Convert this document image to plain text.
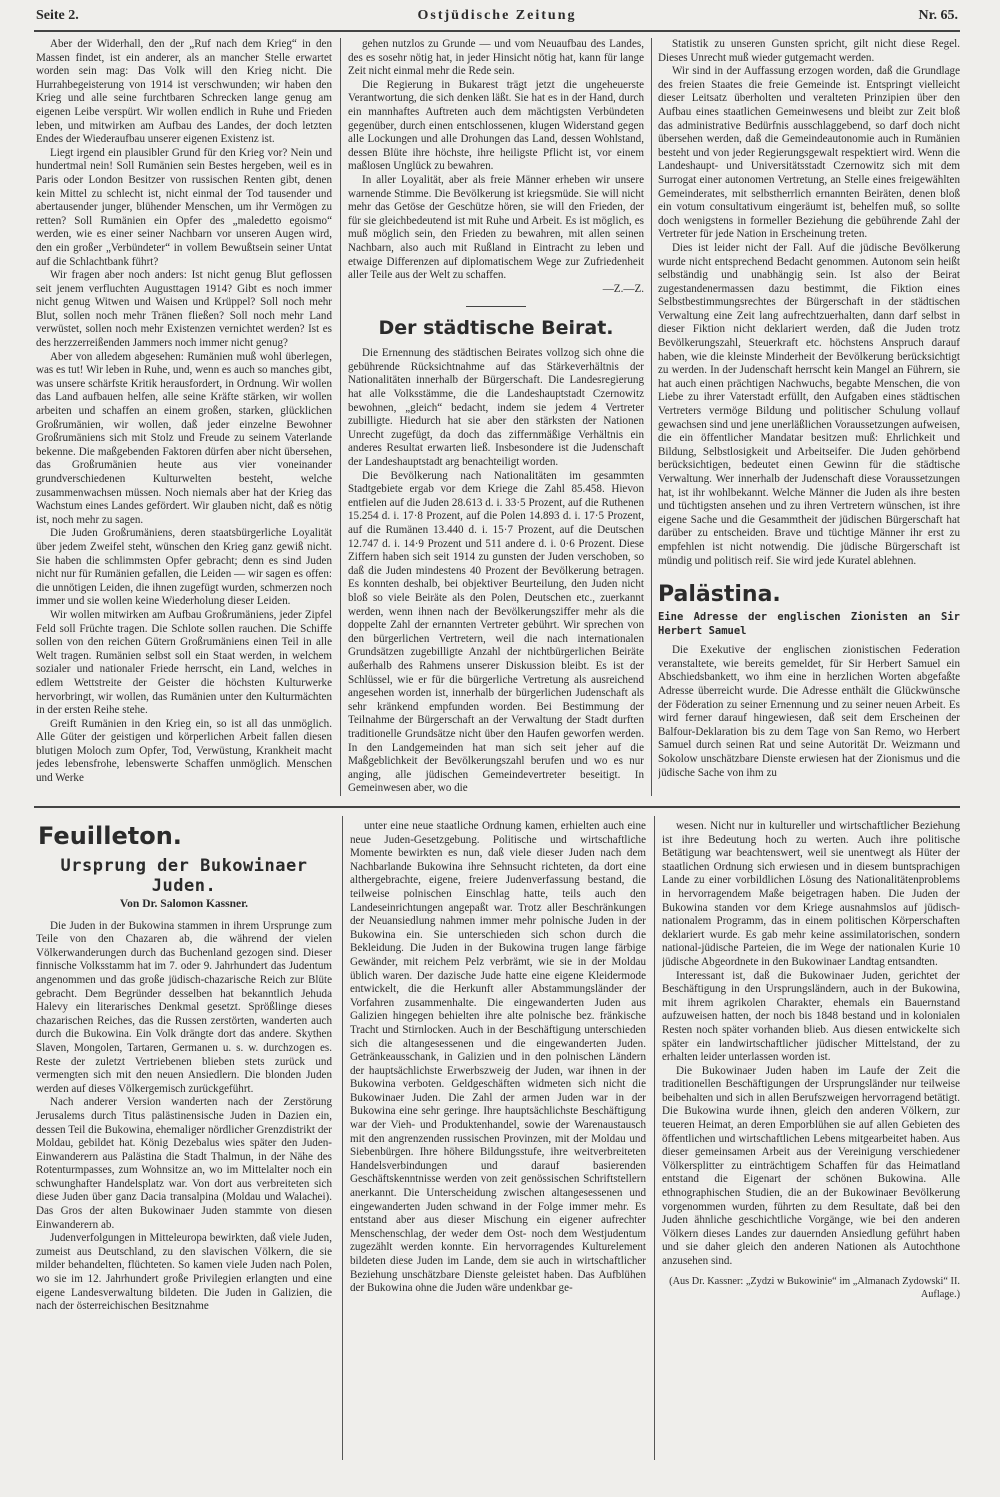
Seite 2.	Ostjüdische Zeitung	Nr. 65.

Aber der Widerhall, den der „Ruf nach dem Krieg“ in den Massen findet, ist ein anderer, als an mancher Stelle erwartet worden sein mag: Das Volk will den Krieg nicht. Die Hurrahbegeisterung von 1914 ist verschwunden; wir haben den Krieg und alle seine furchtbaren Schrecken lange genug am eigenen Leibe verspürt. Wir wollen endlich in Ruhe und Frieden leben, und mitwirken am Aufbau des Landes, der doch letzten Endes der Wiederaufbau unserer eigenen Existenz ist.

Liegt irgend ein plausibler Grund für den Krieg vor? Nein und hundertmal nein! Soll Rumänien sein Bestes hergeben, weil es in Paris oder London Besitzer von russischen Renten gibt, denen kein Mittel zu schlecht ist, nicht einmal der Tod tausender und abertausender junger, blühender Menschen, um ihr Vermögen zu retten? Soll Rumänien ein Opfer des „maledetto egoismo“ werden, wie es einer seiner Nachbarn vor unseren Augen wird, den ein großer „Verbündeter“ in vollem Bewußtsein seiner Untat auf die Schlachtbank führt?

Wir fragen aber noch anders: Ist nicht genug Blut geflossen seit jenem verfluchten Augusttagen 1914? Gibt es noch immer nicht genug Witwen und Waisen und Krüppel? Soll noch mehr Blut, sollen noch mehr Tränen fließen? Soll noch mehr Land verwüstet, sollen noch mehr Existenzen vernichtet werden? Ist es des herzzerreißenden Jammers noch immer nicht genug?

Aber von alledem abgesehen: Rumänien muß wohl überlegen, was es tut! Wir leben in Ruhe, und, wenn es auch so manches gibt, was unsere schärfste Kritik herausfordert, in Ordnung. Wir wollen das Land aufbauen helfen, alle seine Kräfte stärken, wir wollen arbeiten und schaffen an einem großen, starken, glücklichen Großrumänien, wir wollen, daß jeder einzelne Bewohner Großrumäniens sich mit Stolz und Freude zu seinem Vaterlande bekenne. Die maßgebenden Faktoren dürfen aber nicht übersehen, das Großrumänien heute aus vier voneinander grundverschiedenen Kulturwelten besteht, welche zusammenwachsen müssen. Noch niemals aber hat der Krieg das Wachstum eines Landes gefördert. Wir glauben nicht, daß es nötig ist, noch mehr zu sagen.

Die Juden Großrumäniens, deren staatsbürgerliche Loyalität über jedem Zweifel steht, wünschen den Krieg ganz gewiß nicht. Sie haben die schlimmsten Opfer gebracht; denn es sind Juden nicht nur für Rumänien gefallen, die Leiden — wir sagen es offen: die unnötigen Leiden, die ihnen zugefügt wurden, schmerzen noch immer und sie wollen keine Wiederholung dieser Leiden.

Wir wollen mitwirken am Aufbau Großrumäniens, jeder Zipfel Feld soll Früchte tragen. Die Schlote sollen rauchen. Die Schiffe sollen von den reichen Gütern Großrumäniens einen Teil in alle Welt tragen. Rumänien selbst soll ein Staat werden, in welchem sozialer und nationaler Friede herrscht, ein Land, welches in edlem Wettstreite der Geister die höchsten Kulturwerke hervorbringt, wir wollen, das Rumänien unter den Kulturmächten in der ersten Reihe stehe.

Greift Rumänien in den Krieg ein, so ist all das unmöglich. Alle Güter der geistigen und körperlichen Arbeit fallen diesen blutigen Moloch zum Opfer, Tod, Verwüstung, Krankheit macht jedes lebensfrohe, lebenswerte Schaffen unmöglich. Menschen und Werke

gehen nutzlos zu Grunde — und vom Neuaufbau des Landes, des es sosehr nötig hat, in jeder Hinsicht nötig hat, kann für lange Zeit nicht einmal mehr die Rede sein.

Die Regierung in Bukarest trägt jetzt die ungeheuerste Verantwortung, die sich denken läßt. Sie hat es in der Hand, durch ein mannhaftes Auftreten auch dem mächtigsten Verbündeten gegenüber, durch einen entschlossenen, klugen Widerstand gegen alle Lockungen und alle Drohungen das Land, dessen Wohlstand, dessen Blüte ihre höchste, ihre heiligste Pflicht ist, vor einem maßlosen Unglück zu bewahren.

In aller Loyalität, aber als freie Männer erheben wir unsere warnende Stimme. Die Bevölkerung ist kriegsmüde. Sie will nicht mehr das Getöse der Geschütze hören, sie will den Frieden, der für sie gleichbedeutend ist mit Ruhe und Arbeit. Es ist möglich, es muß möglich sein, den Frieden zu bewahren, mit allen seinen Nachbarn, also auch mit Rußland in Eintracht zu leben und etwaige Differenzen auf diplomatischem Wege zur Zufriedenheit aller Teile aus der Welt zu schaffen.

—Z.—Z.

Der städtische Beirat.

Die Ernennung des städtischen Beirates vollzog sich ohne die gebührende Rücksichtnahme auf das Stärkeverhältnis der Nationalitäten innerhalb der Bürgerschaft. Die Landesregierung hat alle Volksstämme, die die Landeshauptstadt Czernowitz bewohnen, „gleich“ bedacht, indem sie jedem 4 Vertreter zubilligte. Hiedurch hat sie aber den stärksten der Nationen Unrecht zugefügt, da doch das ziffernmäßige Verhältnis ein anderes Resultat erwarten ließ. Insbesondere ist die Judenschaft der Landeshauptstadt arg benachteiligt worden.

Die Bevölkerung nach Nationalitäten im gesammten Stadtgebiete ergab vor dem Kriege die Zahl 85.458. Hievon entfielen auf die Juden 28.613 d. i. 33·5 Prozent, auf die Ruthenen 15.254 d. i. 17·8 Prozent, auf die Polen 14.893 d. i. 17·5 Prozent, auf die Rumänen 13.440 d. i. 15·7 Prozent, auf die Deutschen 12.747 d. i. 14·9 Prozent und 511 andere d. i. 0·6 Prozent. Diese Ziffern haben sich seit 1914 zu gunsten der Juden verschoben, so daß die Juden mindestens 40 Prozent der Bevölkerung betragen. Es konnten deshalb, bei objektiver Beurteilung, den Juden nicht bloß so viele Beiräte als den Polen, Deutschen etc., zuerkannt werden, wenn ihnen nach der Bevölkerungsziffer mehr als die doppelte Zahl der ernannten Vertreter gebührt. Wir sprechen von den bürgerlichen Vertretern, weil die nach internationalen Grundsätzen zugebilligte Anzahl der nichtbürgerlichen Beiräte außerhalb des Rahmens unserer Diskussion bleibt. Es ist der Schlüssel, wie er für die bürgerliche Vertretung als ausreichend angesehen worden ist, innerhalb der bürgerlichen Judenschaft als sehr kränkend empfunden worden. Bei Bestimmung der Teilnahme der Bürgerschaft an der Verwaltung der Stadt durften traditionelle Grundsätze nicht über den Haufen geworfen werden. In den Landgemeinden hat man sich seit jeher auf die Maßgeblichkeit der Bevölkerungszahl berufen und wo es nur anging, alle jüdischen Gemeindevertreter beseitigt. In Gemeinwesen aber, wo die

Statistik zu unseren Gunsten spricht, gilt nicht diese Regel. Dieses Unrecht muß wieder gutgemacht werden.

Wir sind in der Auffassung erzogen worden, daß die Grundlage des freien Staates die freie Gemeinde ist. Entspringt vielleicht dieser Leitsatz überholten und veralteten Prinzipien über den Aufbau eines staatlichen Gemeinwesens und bleibt zur Zeit bloß das administrative Bedürfnis ausschlaggebend, so darf doch nicht übersehen werden, daß die Gemeindeautonomie auch in Rumänien besteht und von jeder Regierungsgewalt respektiert wird. Wenn die Landeshaupt- und Universitätsstadt Czernowitz sich mit dem Surrogat einer autonomen Vertretung, an Stelle eines freigewählten Gemeinderates, mit selbstherrlich ernannten Beiräten, denen bloß ein votum consultativum eingeräumt ist, behelfen muß, so sollte doch wenigstens in formeller Beziehung die gebührende Zahl der Vertreter für jede Nation in Erscheinung treten.

Dies ist leider nicht der Fall. Auf die jüdische Bevölkerung wurde nicht entsprechend Bedacht genommen. Autonom sein heißt selbständig und unabhängig sein. Ist also der Beirat zugestandenermassen dazu bestimmt, die Fiktion eines Selbstbestimmungsrechtes der Bürgerschaft in der städtischen Verwaltung eine Zeit lang aufrechtzuerhalten, dann darf selbst in dieser Fiktion nicht deklariert werden, daß die Juden trotz Bevölkerungszahl, Steuerkraft etc. höchstens Anspruch darauf haben, wie die kleinste Minderheit der Bevölkerung berücksichtigt zu werden. In der Judenschaft herrscht kein Mangel an Führern, sie hat auch einen prächtigen Nachwuchs, begabte Menschen, die von Liebe zu ihrer Vaterstadt erfüllt, den Aufgaben eines städtischen Vertreters vermöge Bildung und politischer Schulung vollauf gewachsen sind und jene unerläßlichen Voraussetzungen aufweisen, die ein öffentlicher Mandatar besitzen muß: Ehrlichkeit und Bildung, Selbstlosigkeit und Arbeitseifer. Die Juden gehörbend berücksichtigen, bedeutet einen Gewinn für die städtische Verwaltung. Wer innerhalb der Judenschaft diese Voraussetzungen hat, ist ihr wohlbekannt. Welche Männer die Juden als ihre besten und tüchtigsten ansehen und zu ihren Vertretern wünschen, ist ihre eigene Sache und die Gesammtheit der jüdischen Bürgerschaft hat darüber zu entscheiden. Brave und tüchtige Männer ihr erst zu empfehlen ist nicht notwendig. Die jüdische Bürgerschaft ist mündig und politisch reif. Sie wird jede Kuratel ablehnen.

Palästina.
Eine Adresse der englischen Zionisten an Sir Herbert Samuel

Die Exekutive der englischen zionistischen Federation veranstaltete, wie bereits gemeldet, für Sir Herbert Samuel ein Abschiedsbankett, wo ihm eine in herzlichen Worten abgefaßte Adresse überreicht wurde. Die Adresse enthält die Glückwünsche der Föderation zu seiner Ernennung und zu seiner neuen Arbeit. Es wird ferner darauf hingewiesen, daß seit dem Erscheinen der Balfour-Deklaration bis zu dem Tage von San Remo, wo Herbert Samuel durch seinen Rat und seine Autorität Dr. Weizmann und Sokolow unschätzbare Dienste erwiesen hat der Zionismus und die jüdische Sache von ihm zu

Feuilleton.
Ursprung der Bukowinaer Juden.
Von Dr. Salomon Kassner.

Die Juden in der Bukowina stammen in ihrem Ursprunge zum Teile von den Chazaren ab, die während der vielen Völkerwanderungen durch das Buchenland gezogen sind. Dieser finnische Volksstamm hat im 7. oder 9. Jahrhundert das Judentum angenommen und das große jüdisch-chazarische Reich zur Blüte gebracht. Dem Begründer desselben hat bekanntlich Jehuda Halevy ein literarisches Denkmal gesetzt. Sprößlinge dieses chazarischen Reiches, das die Russen zerstörten, wanderten auch durch die Bukowina. Ein Volk drängte dort das andere. Skythen Slaven, Mongolen, Tartaren, Germanen u. s. w. durchzogen es. Reste der zuletzt Vertriebenen blieben stets zurück und vermengten sich mit den neuen Ansiedlern. Die blonden Juden werden auf dieses Völkergemisch zurückgeführt.

Nach anderer Version wanderten nach der Zerstörung Jerusalems durch Titus palästinensische Juden in Dazien ein, dessen Teil die Bukowina, ehemaliger nördlicher Grenzdistrikt der Moldau, gebildet hat. König Dezebalus wies später den Juden-Einwanderern aus Palästina die Stadt Thalmun, in der Nähe des Rotenturmpasses, zum Wohnsitze an, wo im Mittelalter noch ein schwunghafter Handelsplatz war. Von dort aus verbreiteten sich diese Juden über ganz Dacia transalpina (Moldau und Walachei). Das Gros der alten Bukowinaer Juden stammte von diesen Einwanderern ab.

Judenverfolgungen in Mitteleuropa bewirkten, daß viele Juden, zumeist aus Deutschland, zu den slavischen Völkern, die sie milder behandelten, flüchteten. So kamen viele Juden nach Polen, wo sie im 12. Jahrhundert große Privilegien erlangten und eine eigene Landesverwaltung bildeten. Die Juden in Galizien, die nach der österreichischen Besitznahme

unter eine neue staatliche Ordnung kamen, erhielten auch eine neue Juden-Gesetzgebung. Politische und wirtschaftliche Momente bewirkten es nun, daß viele dieser Juden nach dem Nachbarlande Bukowina ihre Sehnsucht richteten, da dort eine althergebrachte, eigene, freiere Judenverfassung bestand, die teilweise polnischen Einschlag hatte, teils auch den Landeseinrichtungen angepaßt war. Trotz aller Beschränkungen der Neuansiedlung nahmen immer mehr polnische Juden in der Bukowina ein. Sie unterschieden sich schon durch die Bekleidung. Die Juden in der Bukowina trugen lange färbige Gewänder, mit reichem Pelz verbrämt, wie sie in der Moldau üblich waren. Der dazische Jude hatte eine eigene Kleidermode entwickelt, die die Herkunft aller Abstammungsländer der Vorfahren zusammenhalte. Die eingewanderten Juden aus Galizien hingegen behielten ihre alte polnische bez. fränkische Tracht und Stirnlocken. Auch in der Beschäftigung unterschieden sich die altangesessenen und die eingewanderten Juden. Getränkeausschank, in Galizien und in den polnischen Ländern der hauptsächlichste Erwerbszweig der Juden, war ihnen in der Bukowina verboten. Geldgeschäften widmeten sich nicht die Bukowinaer Juden. Die Zahl der armen Juden war in der Bukowina eine sehr geringe. Ihre hauptsächlichste Beschäftigung war der Vieh- und Produktenhandel, sowie der Warenaustausch mit den angrenzenden russischen Provinzen, mit der Moldau und Siebenbürgen. Ihre höhere Bildungsstufe, ihre weitverbreiteten Handelsverbindungen und darauf basierenden Geschäftskenntnisse werden von zeit genössischen Schriftstellern anerkannt. Die Unterscheidung zwischen altangesessenen und eingewanderten Juden schwand in der Folge immer mehr. Es entstand aber aus dieser Mischung ein eigener aufrechter Menschenschlag, der weder dem Ost- noch dem Westjudentum zugezählt werden konnte. Ein hervorragendes Kulturelement bildeten diese Juden im Lande, dem sie auch in wirtschaftlicher Beziehung unschätzbare Dienste geleistet haben. Das Aufblühen der Bukowina ohne die Juden wäre undenkbar ge-

wesen. Nicht nur in kultureller und wirtschaftlicher Beziehung ist ihre Bedeutung hoch zu werten. Auch ihre politische Betätigung war beachtenswert, weil sie unentwegt als Hüter der staatlichen Ordnung sich erwiesen und in diesem buntsprachigen Lande zu einer vorbildlichen Lösung des Nationalitätenproblems in hervorragendem Maße beigetragen haben. Die Juden der Bukowina standen vor dem Kriege ausnahmslos auf jüdisch-nationalem Programm, das in einem politischen Körperschaften deklariert wurde. Es gab mehr keine assimilatorischen, sondern national-jüdische Parteien, die im Wege der nationalen Kurie 10 jüdische Abgeordnete in den Bukowinaer Landtag entsandten.

Interessant ist, daß die Bukowinaer Juden, gerichtet der Beschäftigung in den Ursprungsländern, auch in der Bukowina, mit ihrem agrikolen Charakter, ehemals ein Bauernstand aufzuweisen hatten, der noch bis 1848 bestand und in kolonialen Resten noch später vorhanden blieb. Aus diesen entwickelte sich später ein landwirtschaftlicher jüdischer Mittelstand, der zu erhalten leider unterlassen worden ist.

Die Bukowinaer Juden haben im Laufe der Zeit die traditionellen Beschäftigungen der Ursprungsländer nur teilweise beibehalten und sich in allen Berufszweigen hervorragend betätigt. Die Bukowina wurde ihnen, gleich den anderen Völkern, zur teueren Heimat, an deren Emporblühen sie auf allen Gebieten des öffentlichen und wirtschaftlichen Lebens mitgearbeitet haben. Aus dieser gemeinsamen Arbeit aus der Vereinigung verschiedener Völkersplitter zu einträchtigem Schaffen für das Heimatland entstand die Eigenart der schönen Bukowina. Alle ethnographischen Studien, die an der Bukowinaer Bevölkerung vorgenommen wurden, führten zu dem Resultate, daß bei den Juden ähnliche geschichtliche Vorgänge, wie bei den anderen Völkern dieses Landes zur dauernden Ansiedlung geführt haben und sie daher gleich den anderen Nationen als Autochthone anzusehen sind.

(Aus Dr. Kassner: „Zydzi w Bukowinie“ im „Almanach Zydowski“ II. Auflage.)
